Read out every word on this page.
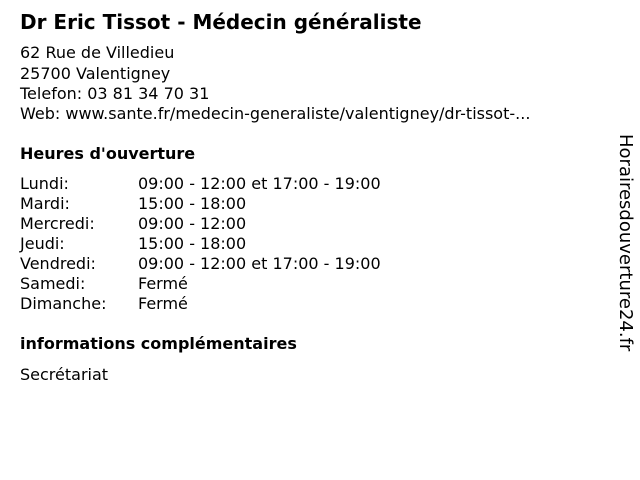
Dr Eric Tissot - Médecin généraliste
62 Rue de Villedieu
25700 Valentigney
Telefon: 03 81 34 70 31
Web: www.sante.fr/medecin-generaliste/valentigney/dr-tissot-...
Heures d'ouverture
Lundi:	09:00 - 12:00 et 17:00 - 19:00
Mardi:	15:00 - 18:00
Mercredi:	09:00 - 12:00
Jeudi:	15:00 - 18:00
Vendredi:	09:00 - 12:00 et 17:00 - 19:00
Samedi:	Fermé
Dimanche:	Fermé
informations complémentaires
Secrétariat
Horairesdouverture24.fr
